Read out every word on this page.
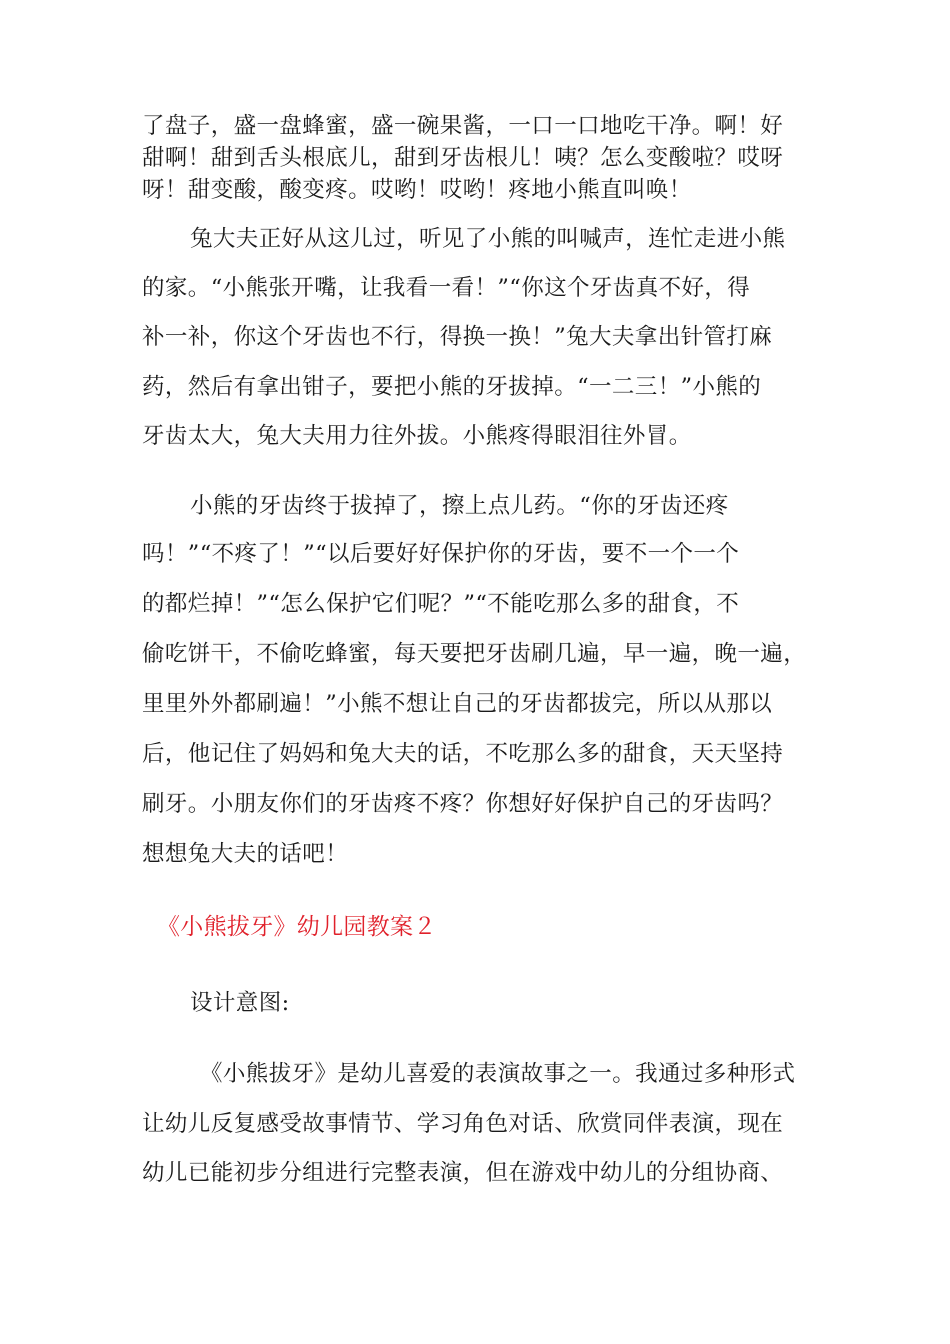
了盘子，盛一盘蜂蜜，盛一碗果酱，一口一口地吃干净。啊！好
甜啊！甜到舌头根底儿，甜到牙齿根儿！咦？怎么变酸啦？哎呀
呀！甜变酸，酸变疼。哎哟！哎哟！疼地小熊直叫唤！
兔大夫正好从这儿过，听见了小熊的叫喊声，连忙走进小熊
的家。“小熊张开嘴，让我看一看！”“你这个牙齿真不好，得
补一补，你这个牙齿也不行，得换一换！”兔大夫拿出针管打麻
药，然后有拿出钳子，要把小熊的牙拔掉。“一二三！”小熊的
牙齿太大，兔大夫用力往外拔。小熊疼得眼泪往外冒。
小熊的牙齿终于拔掉了，擦上点儿药。“你的牙齿还疼
吗！”“不疼了！”“以后要好好保护你的牙齿，要不一个一个
的都烂掉！”“怎么保护它们呢？”“不能吃那么多的甜食，不
偷吃饼干，不偷吃蜂蜜，每天要把牙齿刷几遍，早一遍，晚一遍，
里里外外都刷遍！”小熊不想让自己的牙齿都拔完，所以从那以
后，他记住了妈妈和兔大夫的话，不吃那么多的甜食，天天坚持
刷牙。小朋友你们的牙齿疼不疼？你想好好保护自己的牙齿吗？
想想兔大夫的话吧！
《小熊拔牙》幼儿园教案２
设计意图:
《小熊拔牙》是幼儿喜爱的表演故事之一。我通过多种形式
让幼儿反复感受故事情节、学习角色对话、欣赏同伴表演，现在
幼儿已能初步分组进行完整表演，但在游戏中幼儿的分组协商、
